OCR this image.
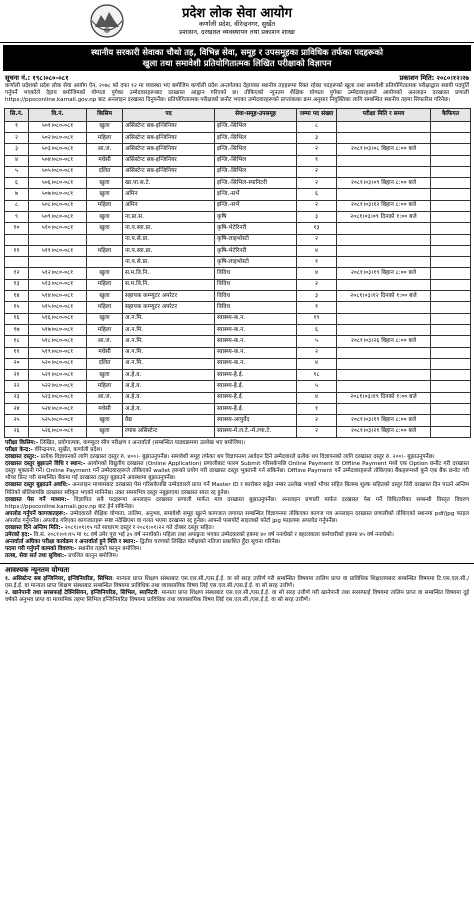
प्रदेश लोक सेवा आयोग
कर्णाली प्रदेश, वीरेन्द्रनगर, सुर्खेत
प्रशासन, दरखास्त व्यवस्थापन तथा प्रकाशन शाखा
स्थानीय सरकारी सेवाका चौथो तह, विभिन्न सेवा, समूह र उपसमूहका प्राविधिक तर्फका पदहरूको
खुला तथा समावेशी प्रतियोगितात्मक लिखित परीक्षाको विज्ञापन
सूचना नं.: १९८।०८०-०८१	प्रकाशन मिति: २०८०।१२।२७
कर्णाली प्रदेशको प्रदेश लोक सेवा आयोग ऐन, २०७८ को दफा १२ मा व्यवस्था भए बमोजिम कर्णाली प्रदेश अन्तर्गतका देहायका स्थानीय तहहरूमा रिक्त रहेका पदहरूको खुला तथा समावेशी प्रतियोगितात्मक परीक्षाद्वारा स्थायी पदपूर्ति गर्नुपर्ने भएकोले देहाय बमोजिमको योग्यता पुगेका उम्मेदवारहरूबाट दरखास्त आह्वान गरिएको छ। तोकिएको न्यूनतम शैक्षिक योग्यता पुगेका उम्मेदवारहरूले आयोगको अनलाइन दरखास्त प्रणाली https://ppsconline.karnali.gov.np बाट अनलाइन दरखास्त दिनुपर्नेछ। प्रतियोगितात्मक परीक्षाको छनौट भएका उम्मेदवारहरूको प्राप्तांकका क्रम अनुसार नियुक्तिका लागि सम्बन्धित स्थानीय तहमा सिफारिस गरिनेछ।
सि.नं.	वि.नं.	किसिम	पद	सेवा-समूह-उपसमूह	जम्मा पद संख्या	परीक्षा मिति र समय	कैफियत
१	५०१।०८०-०८१	खुला	असिस्टेन्ट सब-इन्जिनियर	इन्जि.-सिभिल	८		
२	५०२।०८०-०८१	महिला	असिस्टेन्ट सब-इन्जिनियर	इन्जि.-सिभिल	३		
३	५०३।०८०-०८१	आ.ज.	असिस्टेन्ट सब-इन्जिनियर	इन्जि.-सिभिल	२	२०८१।०३।०८ बिहान ८:०० बजे	
४	५०४।०८०-०८१	मधेसी	असिस्टेन्ट सब-इन्जिनियर	इन्जि.-सिभिल	१		
५	५०५।०८०-०८१	दलित	असिस्टेन्ट सब-इन्जिनियर	इन्जि.-सिभिल	२		
६	५०६।०८०-०८१	खुला	खा.पा.स.टे.	इन्जि.-सिभिल-स्यानिटरी	२	२०८१।०३।०९ बिहान ८:०० बजे	
७	५०७।०८०-०८१	खुला	अमिन	इन्जि.-सर्भे	६		
८	५०८।०८०-०८१	महिला	अमिन	इन्जि.-सर्भे	२	२०८१।०३।१२ बिहान ८:०० बजे	
९	५०९।०८०-०८१	खुला	ना.प्रा.स.	कृषि	३	२०८१।०३।०९ दिनको १:०० बजे	
१०	५१०।०८०-०८१	खुला	ना.प.स्वा.प्रा.	कृषि-भेटेरिनरी	१३		
			ना.प.से.प्रा.	कृषि-लाइभोस्टो	२		
११	५११।०८०-०८१	महिला	ना.प.स्वा.प्रा.	कृषि-भेटेरिनरी	४		
			ना.प.से.प्रा.	कृषि-लाइभोस्टो	१		
१२	५१२।०८०-०८१	खुला	स.म.वि.नि.	विविध	४	२०८१।०३।१९ बिहान ८:०० बजे	
१३	५१३।०८०-०८१	महिला	स.म.वि.नि.	विविध	२		
१४	५१४।०८०-०८१	खुला	सहायक कम्प्युटर अपरेटर	विविध	३	२०८१।०३।१२ दिनको १:०० बजे	
१५	५१५।०८०-०८१	महिला	सहायक कम्प्युटर अपरेटर	विविध	१		
१६	५१६।०८०-०८१	खुला	अ.न.मि.	स्वास्थ्य-क.न.	१९		
१७	५१७।०८०-०८१	महिला	अ.न.मि.	स्वास्थ्य-क.न.	६		
१८	५१८।०८०-०८१	आ.ज.	अ.न.मि.	स्वास्थ्य-क.न.	५	२०८१।०३।२६ बिहान ८:०० बजे	
१९	५१९।०८०-०८१	मधेसी	अ.न.मि.	स्वास्थ्य-क.न.	२		
२०	५२०।०८०-०८१	दलित	अ.न.मि.	स्वास्थ्य-क.न.	४		
२१	५२१।०८०-०८१	खुला	अ.हे.व.	स्वास्थ्य-है.ई.	१८		
२२	५२२।०८०-०८१	महिला	अ.हे.व.	स्वास्थ्य-है.ई.	५		
२३	५२३।०८०-०८१	आ.ज.	अ.हे.व.	स्वास्थ्य-है.ई.	४	२०८१।०३।१९ दिनको १:०० बजे	
२४	५२४।०८०-०८१	मधेसी	अ.हे.व.	स्वास्थ्य-है.ई.	१		
२५	५२५।०८०-०८१	खुला	वैद्य	स्वास्थ्य-आयुर्वेद	२	२०८१।०३।१९ बिहान ८:०० बजे	
२६	५२६।०८०-०८१	खुला	ल्याब असिस्टेन्ट	स्वास्थ्य-मे.ल.टे.-मे.ल्या.टे.	२	२०८१।०३।२१ बिहान ८:०० बजे	
परीक्षा किसिम:- लिखित, प्रयोगात्मक, कम्प्युटर सीप परीक्षण र अन्तर्वार्ता (सम्बन्धित पाठ्यक्रममा उल्लेख भए बमोजिम)।
परीक्षा केन्द्र:- वीरेन्द्रनगर, सुर्खेत, कर्णाली प्रदेश।
दरखास्त दस्तुर:- प्रत्येक विज्ञापनको लागि दरखास्त दस्तुर रु. ४००।- बुझाउनुपर्नेछ। समावेशी समूह तर्फका थप विज्ञापनमा आवेदन दिने उम्मेदवारले प्रत्येक थप विज्ञापनको लागि दरखास्त दस्तुर रु. २००।- बुझाउनुपर्नेछ।
दरखास्त दस्तुर बुझाउने विधि र स्थान:- आयोगको विद्युतीय दरखास्त (Online Application) प्रणालीबाट फारम Submit गरिसकेपछि Online Payment वा Offline Payment मध्ये एक Option छनौट गरी दरखास्त दस्तुर भुक्तानी गर्ने। Online Payment गर्ने उम्मेदवारहरूले तोकिएको wallet हरूको प्रयोग गरी दरखास्त दस्तुर भुक्तानी गर्न सकिनेछ। Offline Payment गर्ने उम्मेदवारहरूले तोकिएका बैंकहरूमध्ये कुनै एक बैंक छनोट गरी भौचर प्रिन्ट गरी सम्बन्धित बैंकमा गई दरखास्त दस्तुर बुझाउने अवस्थामा बुझाउनुपर्नेछ।
दरखास्त दस्तुर बुझाउने अवधि:- अनलाइन माध्यमबाट दरखास्त पेस गरिसकेपछि उम्मेदवारले प्राप्त गर्ने Master ID र कारोबार सङ्केत नम्बर उल्लेख भएको भौचर सहित बिलम्ब शुल्क सहितको दस्तुर तिरी दरखास्त दिन पाउने अन्तिम मितिको बोलिसपछि दरखास्त स्वीकृत भएको मानिनेछ। उक्त समयभित्र दस्तुर नबुझाएमा दरखास्त स्वतः रद्द हुनेछ।
दरखास्त पेस गर्ने माध्यम:- विज्ञापित सबै पदहरूमा अनलाइन दरखास्त प्रणाली मार्फत मात्र दरखास्त बुझाउनुपर्नेछ। अनलाइन प्रणाली मार्फत दरखास्त पेस गर्ने विधि/तरिका सम्बन्धी विस्तृत विवरण https://ppsconline.karnali.gov.np बाट हेर्न सकिनेछ।
अपलोड गर्नुपर्ने कागजातहरू:- उम्मेदवारले शैक्षिक योग्यता, तालिम, अनुभव, समावेशी समूह खुल्ने कागजात लगायत सम्बन्धित विज्ञापनमा तोकिएका कागज पत्र अनलाइन दरखास्त प्रणालीको तोकिएको स्थानमा pdf/jpg फाइल अपलोड गर्नुपर्नेछ। अपलोड गरिएका कागजातहरू स्पष्ट नदेखिएमा वा गलत भएमा दरखास्त रद्द हुनेछ। आफ्नो पासपोर्ट साइजको फोटो jpg फाइलमा अपलोड गर्नुपर्नेछ।
दरखास्त दिने अन्तिम मिति:- २०८१।०१।१५ गते साधारण दस्तुर र २०८१।०१।२२ गते दोब्बर दस्तुर सहित।
उमेरको हद:- वि.सं. २०८१।०१।१५ मा १८ वर्ष उमेर पूरा भई ३५ वर्ष ननाघेको। महिला तथा अपाङ्गता भएका उम्मेदवारको हकमा ४० वर्ष ननाघेको र बहालवाला कर्मचारीको हकमा ४५ वर्ष ननाघेको।
अन्तर्वार्ता अघिका परीक्षा कार्यक्रम र अन्तर्वार्ता हुने मिति र स्थान:- द्वितीय चरणको लिखित परीक्षाको नतिजा प्रकाशित हुँदा सूचना गरिनेछ।
पदमा गरी गर्नुपर्ने कामको विवरण:- स्थानीय तहको कानून बमोजिम।
तलब, सेवा सर्त तथा सुविधा:- प्रचलित कानून बमोजिम।
आवश्यक न्यूनतम योग्यता
१. असिस्टेन्ट सब इन्जिनियर, इन्जिनियरिङ, सिभिल: मान्यता प्राप्त शिक्षण संस्थाबाट एस.एल.सी./एस.ई.ई. वा सो सरह उत्तीर्ण गरी सम्बन्धित विषयमा तालिम प्राप्त वा प्राविधिक शिक्षालयबाट सम्बन्धित विषयमा टि.एस.एल.सी./एस.ई.ई. वा मान्यता प्राप्त शिक्षण संस्थाबाट सम्बन्धित विषयमा प्राविधिक तथा व्यावसायिक विषय लिई एस.एल.सी./एस.ई.ई. वा सो सरह उत्तीर्ण।
२. खानेपानी तथा सरसफाई टेक्निसियन, इन्जिनियरिङ, सिभिल, स्यानिटरी: मान्यता प्राप्त शिक्षण संस्थाबाट एस.एल.सी./एस.ई.ई. वा सो सरह उत्तीर्ण गरी खानेपानी तथा सरसफाई विषयमा तालिम प्राप्त वा सम्बन्धित विषयमा दुई वर्षको अनुभव प्राप्त वा माध्यमिक तहमा सिभिल इन्जिनियरिङ विषयमा प्राविधिक तथा व्यावसायिक विषय लिई एस.एल.सी./एस.ई.ई. वा सो सरह उत्तीर्ण।
